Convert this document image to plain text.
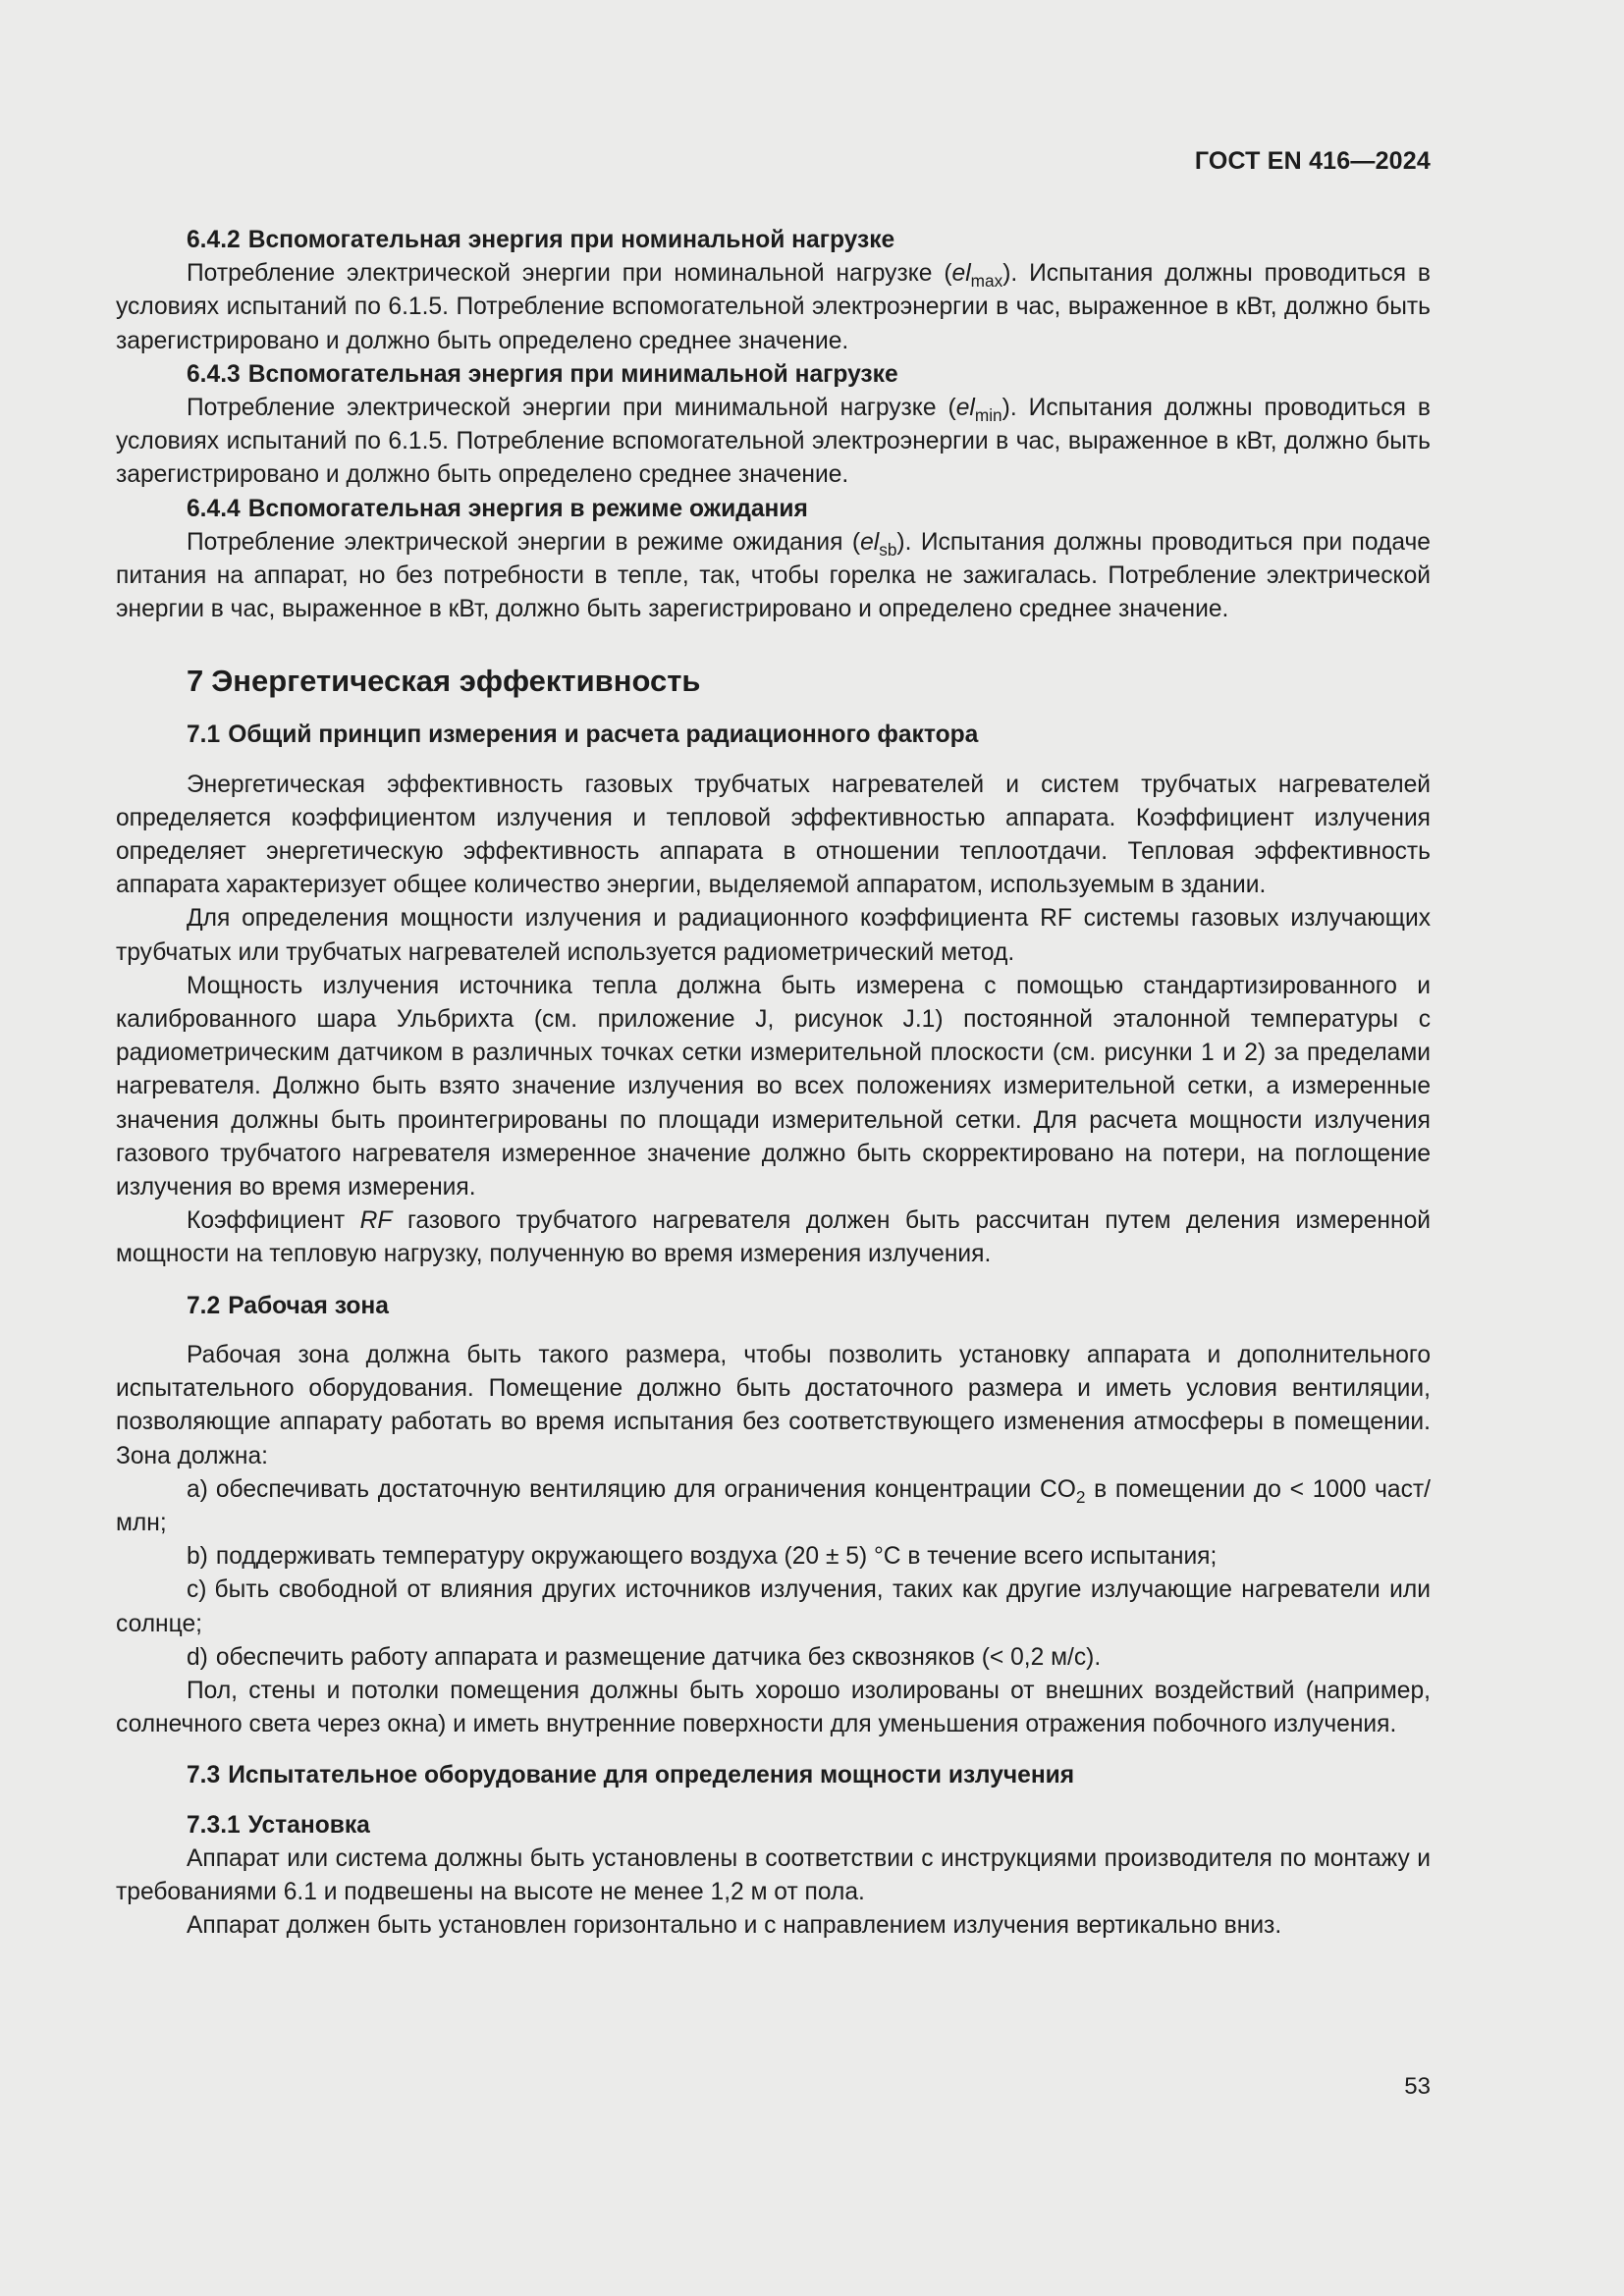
ГОСТ EN 416—2024
6.4.2 Вспомогательная энергия при номинальной нагрузке

Потребление электрической энергии при номинальной нагрузке $(el_{max})$. Испытания должны проводиться в условиях испытаний по 6.1.5. Потребление вспомогательной электроэнергии в час, выраженное в кВт, должно быть зарегистрировано и должно быть определено среднее значение.

6.4.3 Вспомогательная энергия при минимальной нагрузке

Потребление электрической энергии при минимальной нагрузке $(el_{min})$. Испытания должны проводиться в условиях испытаний по 6.1.5. Потребление вспомогательной электроэнергии в час, выраженное в кВт, должно быть зарегистрировано и должно быть определено среднее значение.

6.4.4 Вспомогательная энергия в режиме ожидания

Потребление электрической энергии в режиме ожидания $(el_{sb})$. Испытания должны проводиться при подаче питания на аппарат, но без потребности в тепле, так, чтобы горелка не зажигалась. Потребление электрической энергии в час, выраженное в кВт, должно быть зарегистрировано и определено среднее значение.

7 Энергетическая эффективность
7.1 Общий принцип измерения и расчета радиационного фактора

Энергетическая эффективность газовых трубчатых нагревателей и систем трубчатых нагревателей определяется коэффициентом излучения и тепловой эффективностью аппарата. Коэффициент излучения определяет энергетическую эффективность аппарата в отношении теплоотдачи. Тепловая эффективность аппарата характеризует общее количество энергии, выделяемой аппаратом, используемым в здании.

Для определения мощности излучения и радиационного коэффициента RF системы газовых излучающих трубчатых или трубчатых нагревателей используется радиометрический метод.

Мощность излучения источника тепла должна быть измерена с помощью стандартизированного и калиброванного шара Ульбрихта (см. приложение J, рисунок J.1) постоянной эталонной температуры с радиометрическим датчиком в различных точках сетки измерительной плоскости (см. рисунки 1 и 2) за пределами нагревателя. Должно быть взято значение излучения во всех положениях измерительной сетки, а измеренные значения должны быть проинтегрированы по площади измерительной сетки. Для расчета мощности излучения газового трубчатого нагревателя измеренное значение должно быть скорректировано на потери, на поглощение излучения во время измерения.

Коэффициент RF газового трубчатого нагревателя должен быть рассчитан путем деления измеренной мощности на тепловую нагрузку, полученную во время измерения излучения.

7.2 Рабочая зона

Рабочая зона должна быть такого размера, чтобы позволить установку аппарата и дополнительного испытательного оборудования. Помещение должно быть достаточного размера и иметь условия вентиляции, позволяющие аппарату работать во время испытания без соответствующего изменения атмосферы в помещении. Зона должна:

a) обеспечивать достаточную вентиляцию для ограничения концентрации $CO_2$ в помещении до < 1000 част/млн;

b) поддерживать температуру окружающего воздуха (20 ± 5) °С в течение всего испытания;

c) быть свободной от влияния других источников излучения, таких как другие излучающие нагреватели или солнце;

d) обеспечить работу аппарата и размещение датчика без сквозняков (< 0,2 м/с).

Пол, стены и потолки помещения должны быть хорошо изолированы от внешних воздействий (например, солнечного света через окна) и иметь внутренние поверхности для уменьшения отражения побочного излучения.

7.3 Испытательное оборудование для определения мощности излучения
7.3.1 Установка

Аппарат или система должны быть установлены в соответствии с инструкциями производителя по монтажу и требованиями 6.1 и подвешены на высоте не менее 1,2 м от пола.

Аппарат должен быть установлен горизонтально и с направлением излучения вертикально вниз.

53
